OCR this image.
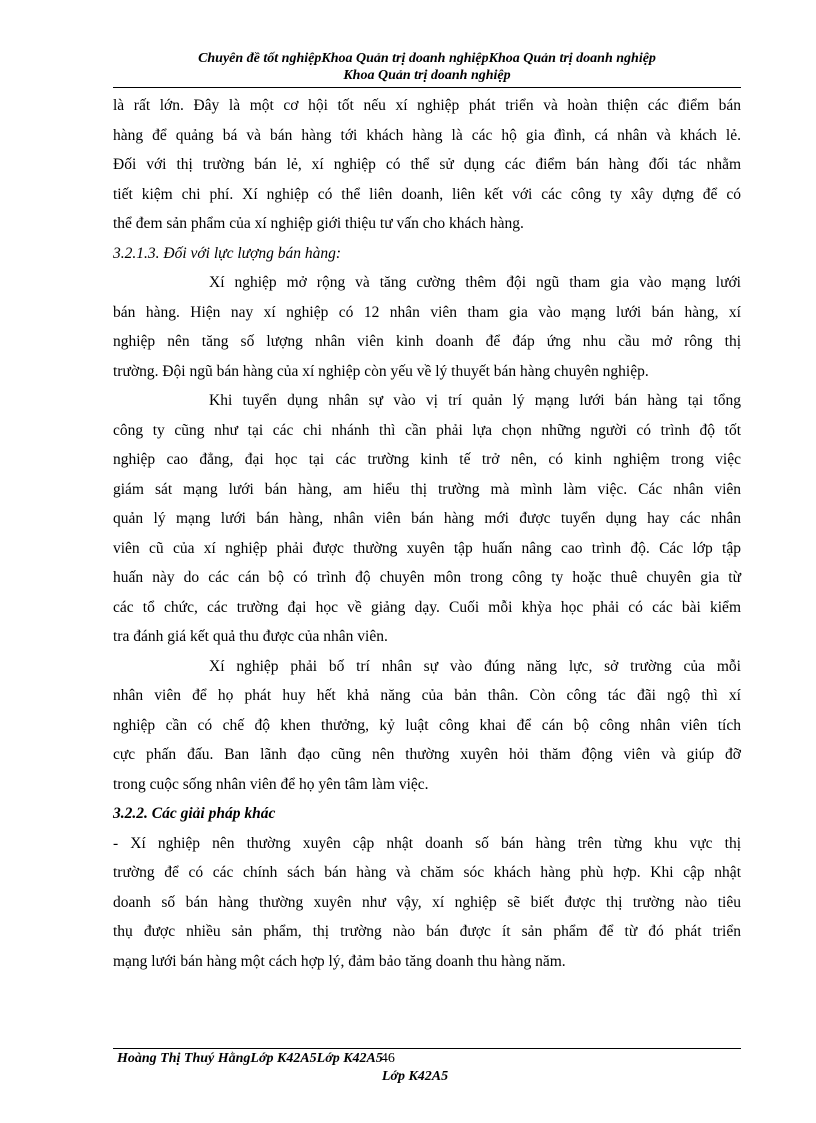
Chuyên đề tốt nghiệpKhoa Quản trị doanh nghiệpKhoa Quản trị doanh nghiệp
Khoa Quản trị doanh nghiệp
là rất lớn. Đây là một cơ hội tốt nếu xí nghiệp phát triển và hoàn thiện các điểm bán
hàng để quảng bá và bán hàng tới khách hàng là các hộ gia đình, cá nhân và khách lẻ.
Đối với thị trường bán lẻ, xí nghiệp có thể sử dụng các điểm bán hàng đối tác nhằm
tiết kiệm chi phí. Xí nghiệp có thể liên doanh, liên kết với các công ty xây dựng để có
thể đem sản phẩm của xí nghiệp giới thiệu tư vấn cho khách hàng.
3.2.1.3. Đối với lực lượng bán hàng:
Xí nghiệp mở rộng và tăng cường thêm đội ngũ tham gia vào mạng lưới
bán hàng. Hiện nay xí nghiệp có 12 nhân viên tham gia vào mạng lưới bán hàng, xí
nghiệp nên tăng số lượng nhân viên kinh doanh để đáp ứng nhu cầu mở rông thị
trường. Đội ngũ bán hàng của xí nghiệp còn yếu về lý thuyết bán hàng chuyên nghiệp.
Khi tuyển dụng nhân sự vào vị trí quản lý mạng lưới bán hàng tại tổng
công ty cũng như tại các chi nhánh thì cần phải lựa chọn những người có trình độ tốt
nghiệp cao đẳng, đại học tại các trường kinh tế trở nên, có kinh nghiệm trong việc
giám sát mạng lưới bán hàng, am hiểu thị trường mà mình làm việc. Các nhân viên
quản lý mạng lưới bán hàng, nhân viên bán hàng mới được tuyển dụng hay các nhân
viên cũ của xí nghiệp phải được thường xuyên tập huấn nâng cao trình độ. Các lớp tập
huấn này do các cán bộ có trình độ chuyên môn trong công ty hoặc thuê chuyên gia từ
các tổ chức, các trường đại học về giảng dạy. Cuối mỗi khỳa học phải có các bài kiểm
tra đánh giá kết quả thu được của nhân viên.
Xí nghiệp phải bố trí nhân sự vào đúng năng lực, sở trường của mỗi
nhân viên để họ phát huy hết khả năng của bản thân. Còn công tác đãi ngộ thì xí
nghiệp cần có chế độ khen thưởng, kỷ luật công khai để cán bộ công nhân viên tích
cực phấn đấu. Ban lãnh đạo cũng nên thường xuyên hỏi thăm động viên và giúp đỡ
trong cuộc sống nhân viên để họ yên tâm làm việc.
3.2.2. Các giải pháp khác
- Xí nghiệp nên thường xuyên cập nhật doanh số bán hàng trên từng khu vực thị
trường để có các chính sách bán hàng và chăm sóc khách hàng phù hợp. Khi cập nhật
doanh số bán hàng thường xuyên như vậy, xí nghiệp sẽ biết được thị trường nào tiêu
thụ được nhiều sản phẩm, thị trường nào bán được ít sản phẩm để từ đó phát triển
mạng lưới bán hàng một cách hợp lý, đảm bảo tăng doanh thu hàng năm.
Hoàng Thị Thuý HằngLớp K42A5Lớp K42A546
Lớp K42A5
